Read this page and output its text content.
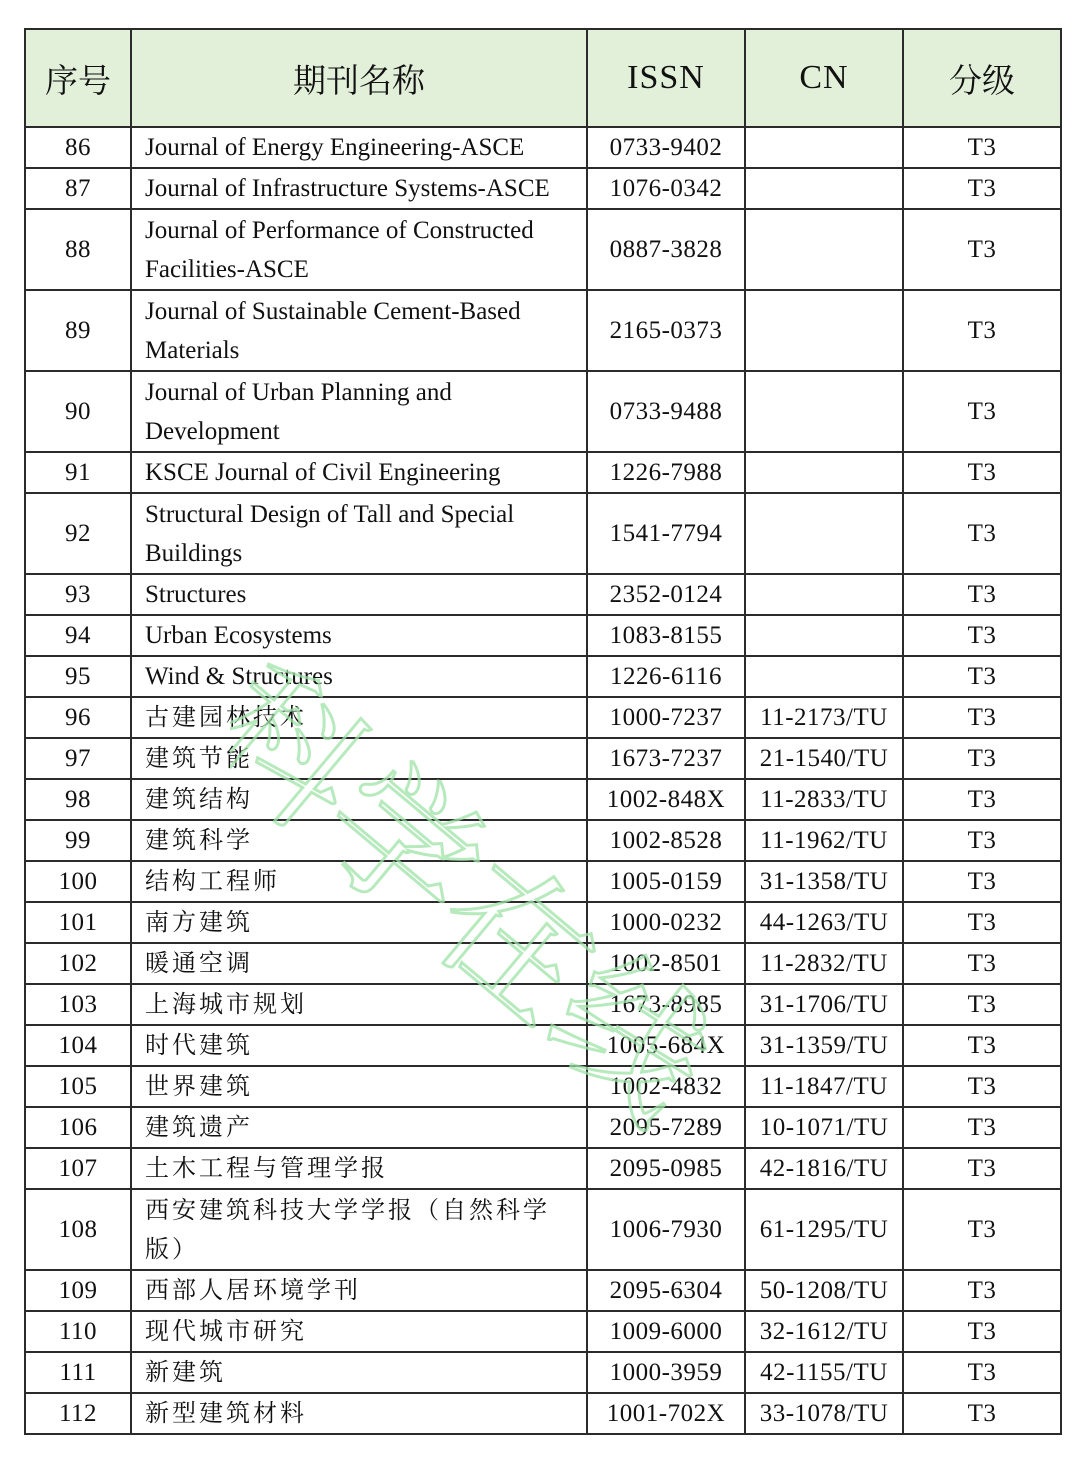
序号	期刊名称	ISSN	CN	分级
86	Journal of Energy Engineering-ASCE	0733-9402		T3
87	Journal of Infrastructure Systems-ASCE	1076-0342		T3
88	Journal of Performance of Constructed Facilities-ASCE	0887-3828		T3
89	Journal of Sustainable Cement-Based Materials	2165-0373		T3
90	Journal of Urban Planning and Development	0733-9488		T3
91	KSCE Journal of Civil Engineering	1226-7988		T3
92	Structural Design of Tall and Special Buildings	1541-7794		T3
93	Structures	2352-0124		T3
94	Urban Ecosystems	1083-8155		T3
95	Wind & Structures	1226-6116		T3
96	古建园林技术	1000-7237	11-2173/TU	T3
97	建筑节能	1673-7237	21-1540/TU	T3
98	建筑结构	1002-848X	11-2833/TU	T3
99	建筑科学	1002-8528	11-1962/TU	T3
100	结构工程师	1005-0159	31-1358/TU	T3
101	南方建筑	1000-0232	44-1263/TU	T3
102	暖通空调	1002-8501	11-2832/TU	T3
103	上海城市规划	1673-8985	31-1706/TU	T3
104	时代建筑	1005-684X	31-1359/TU	T3
105	世界建筑	1002-4832	11-1847/TU	T3
106	建筑遗产	2095-7289	10-1071/TU	T3
107	土木工程与管理学报	2095-0985	42-1816/TU	T3
108	西安建筑科技大学学报（自然科学版）	1006-7930	61-1295/TU	T3
109	西部人居环境学刊	2095-6304	50-1208/TU	T3
110	现代城市研究	1009-6000	32-1612/TU	T3
111	新建筑	1000-3959	42-1155/TU	T3
112	新型建筑材料	1001-702X	33-1078/TU	T3
科学在线
